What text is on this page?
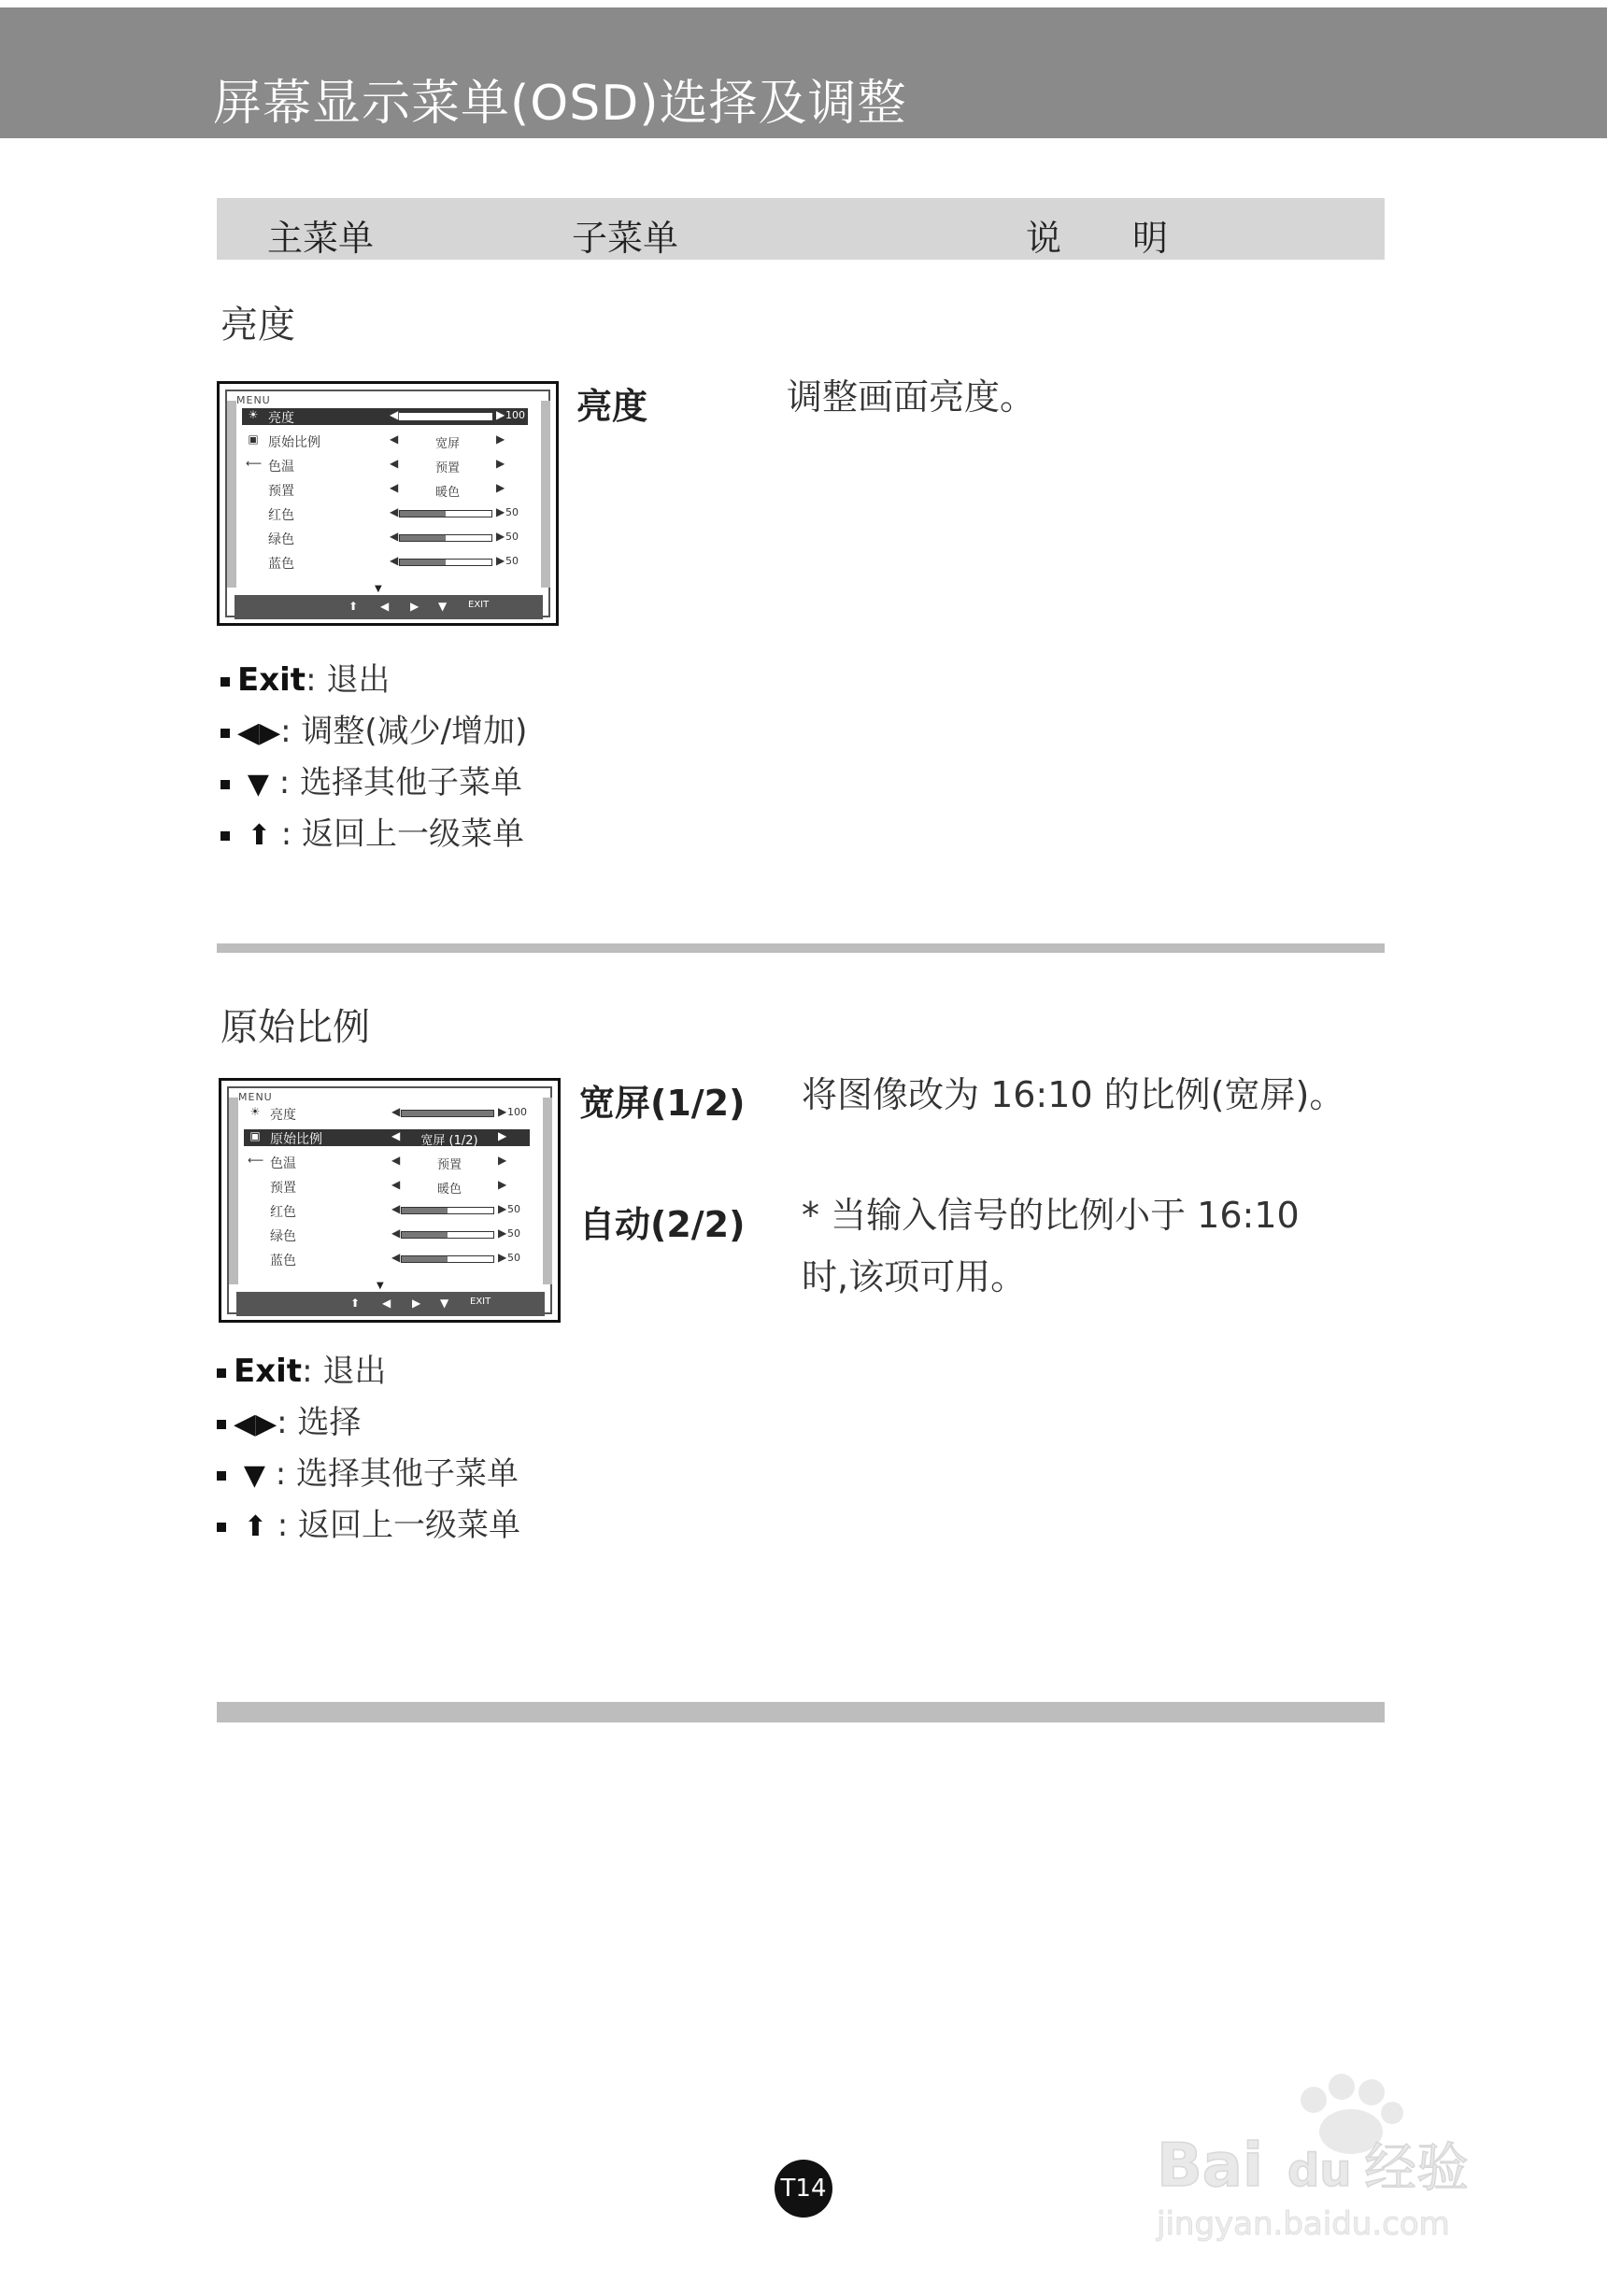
屏幕显示菜单(OSD)选择及调整
主菜单	子菜单	说　　明
亮度
MENU
☀ 亮度	◀	100
▶
▣ 原始比例	◀	宽屏	▶
⟵ 色温	◀	预置	▶
预置	◀	暖色	▶
红色	◀	50
▶
绿色	◀	50
▶
蓝色	◀	50
▶
▼
⬆ ◀ ▶ ▼ EXIT
亮度	调整画面亮度。
Exit: 退出
◀▶: 调整(减少/增加)
▼ : 选择其他子菜单
⬆ : 返回上一级菜单
原始比例
MENU
☀ 亮度	◀	100
▶
▣ 原始比例	◀	宽屏 (1/2)	▶
⟵ 色温	◀	预置	▶
预置	◀	暖色	▶
红色	◀	50
▶
绿色	◀	50
▶
蓝色	◀	50
▶
▼
⬆ ◀ ▶ ▼ EXIT
宽屏(1/2) 将图像改为 16:10 的比例(宽屏)。
自动(2/2) * 当输入信号的比例小于 16:10
时,该项可用。
Exit: 退出
◀▶: 选择
▼ : 选择其他子菜单
⬆ : 返回上一级菜单
T14	Bai du 经验
jingyan.baidu.com
